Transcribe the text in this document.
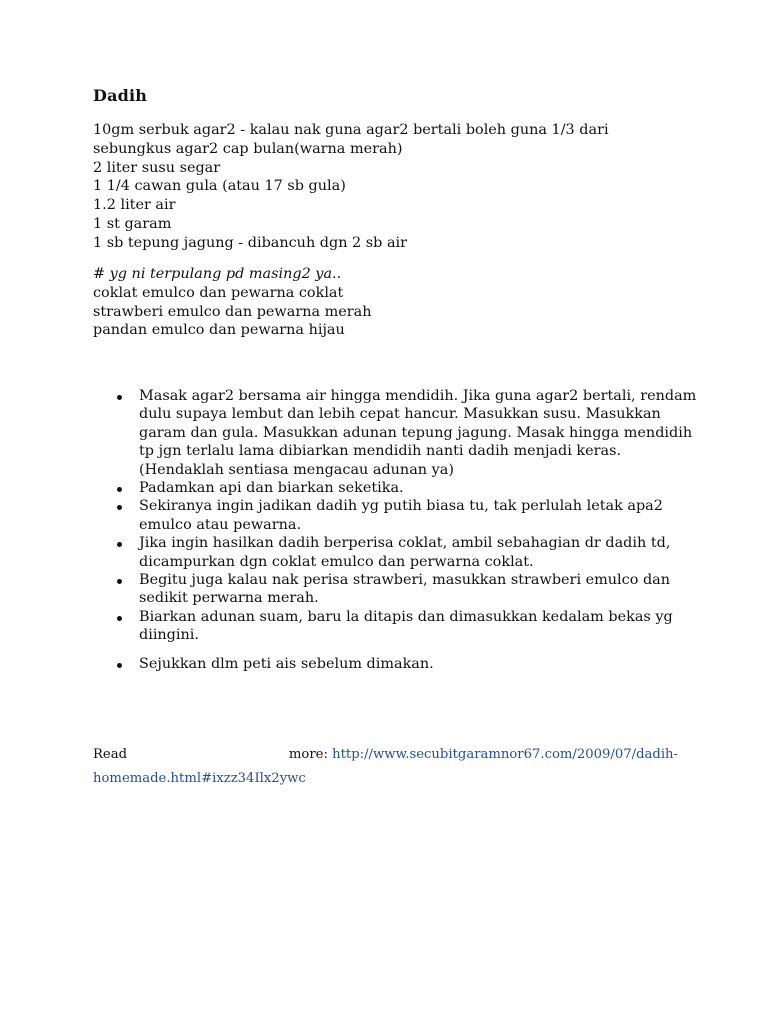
Dadih
10gm serbuk agar2 - kalau nak guna agar2 bertali boleh guna 1/3 dari
sebungkus agar2 cap bulan(warna merah)
2 liter susu segar
1 1/4 cawan gula (atau 17 sb gula)
1.2 liter air
1 st garam
1 sb tepung jagung - dibancuh dgn 2 sb air
# yg ni terpulang pd masing2 ya..
coklat emulco dan pewarna coklat
strawberi emulco dan pewarna merah
pandan emulco dan pewarna hijau
Masak agar2 bersama air hingga mendidih. Jika guna agar2 bertali, rendam dulu supaya lembut dan lebih cepat hancur. Masukkan susu. Masukkan garam dan gula. Masukkan adunan tepung jagung. Masak hingga mendidih tp jgn terlalu lama dibiarkan mendidih nanti dadih menjadi keras. (Hendaklah sentiasa mengacau adunan ya)
Padamkan api dan biarkan seketika.
Sekiranya ingin jadikan dadih yg putih biasa tu, tak perlulah letak apa2 emulco atau pewarna.
Jika ingin hasilkan dadih berperisa coklat, ambil sebahagian dr dadih td, dicampurkan dgn coklat emulco dan perwarna coklat.
Begitu juga kalau nak perisa strawberi, masukkan strawberi emulco dan sedikit perwarna merah.
Biarkan adunan suam, baru la ditapis dan dimasukkan kedalam bekas yg diingini.
Sejukkan dlm peti ais sebelum dimakan.
Read	more: http://www.secubitgaramnor67.com/2009/07/dadih-
homemade.html#ixzz34Ilx2ywc
